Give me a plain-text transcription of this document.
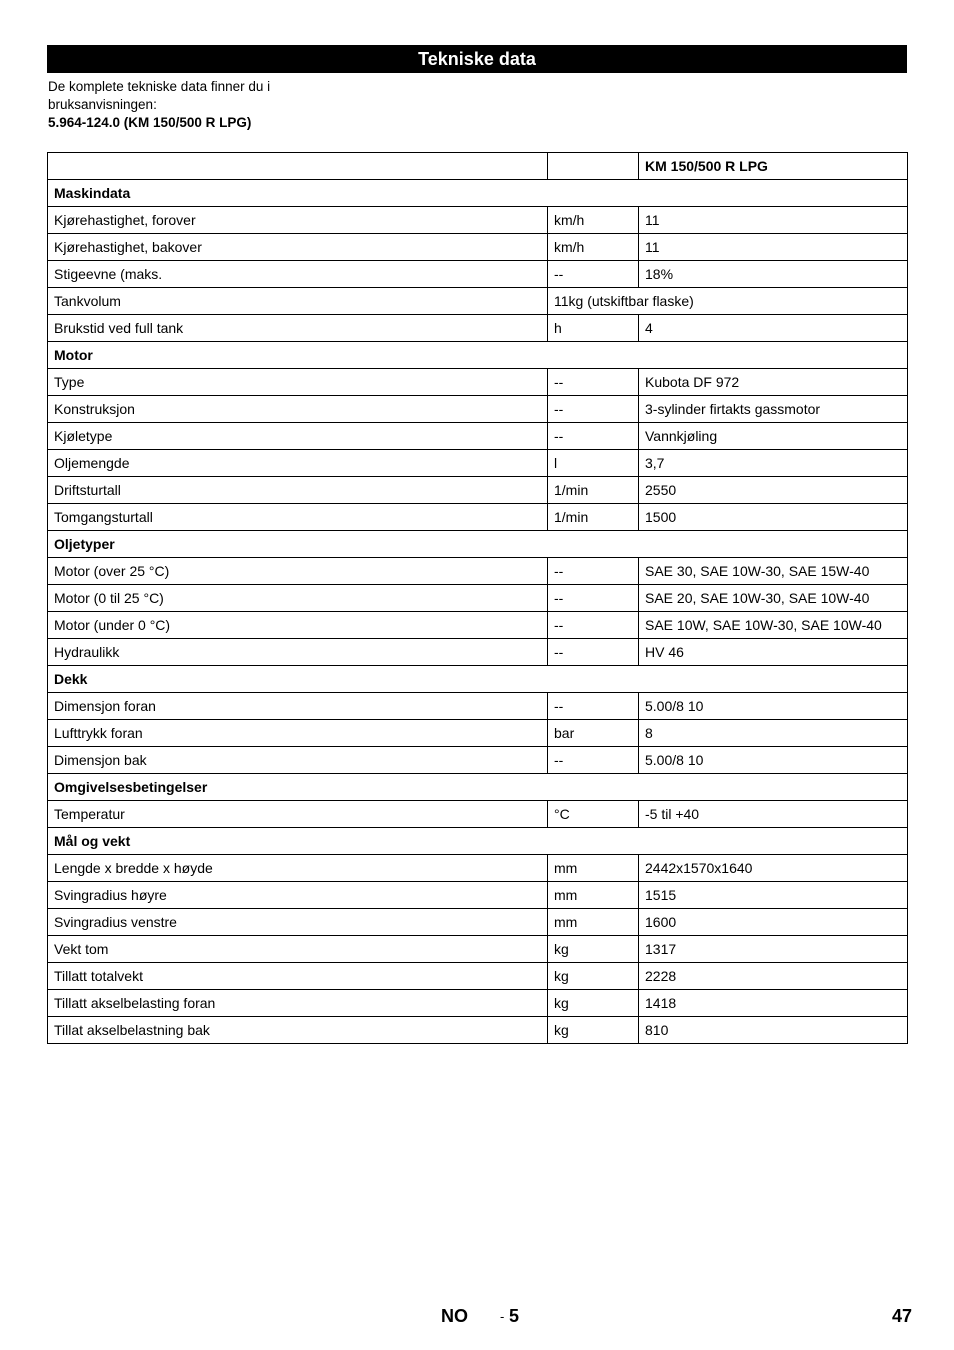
Tekniske data
De komplete tekniske data finner du i
bruksanvisningen:
5.964-124.0 (KM 150/500 R LPG)
		KM 150/500 R LPG
Maskindata		
Kjørehastighet, forover	km/h	11
Kjørehastighet, bakover	km/h	11
Stigeevne (maks.	--	18%
Tankvolum	11kg (utskiftbar flaske)	
Brukstid ved full tank	h	4
Motor		
Type	--	Kubota DF 972
Konstruksjon	--	3-sylinder firtakts gassmotor
Kjøletype	--	Vannkjøling
Oljemengde	l	3,7
Driftsturtall	1/min	2550
Tomgangsturtall	1/min	1500
Oljetyper		
Motor (over 25 °C)	--	SAE 30, SAE 10W-30, SAE 15W-40
Motor (0 til 25 °C)	--	SAE 20, SAE 10W-30, SAE 10W-40
Motor (under 0 °C)	--	SAE 10W, SAE 10W-30, SAE 10W-40
Hydraulikk	--	HV 46
Dekk		
Dimensjon foran	--	5.00/8 10
Lufttrykk foran	bar	8
Dimensjon bak	--	5.00/8 10
Omgivelsesbetingelser		
Temperatur	°C	-5 til +40
Mål og vekt		
Lengde x bredde x høyde	mm	2442x1570x1640
Svingradius høyre	mm	1515
Svingradius venstre	mm	1600
Vekt tom	kg	1317
Tillatt totalvekt	kg	2228
Tillatt akselbelasting foran	kg	1418
Tillat akselbelastning bak	kg	810
NO - 5	47
